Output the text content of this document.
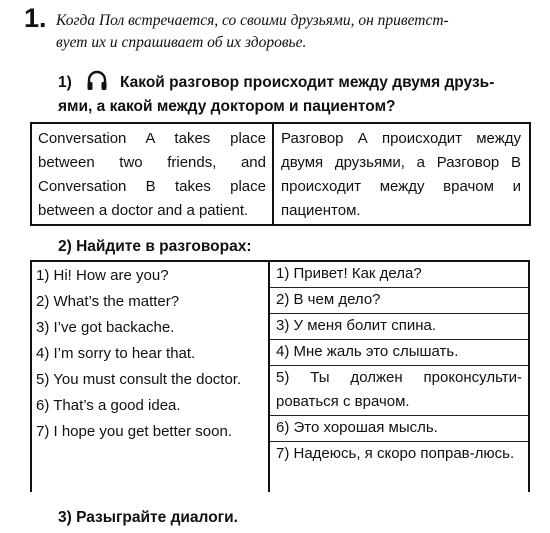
1. Когда Пол встречается, со своими друзьями, он приветст-
вует их и спрашивает об их здоровье.
1)	Какой разговор происходит между двумя друзь-
ями, а какой между доктором и пациентом?
Conversation A takes place between two friends, and Conversation B takes place between a doctor and a patient.
Разговор А происходит между двумя друзьями, а Разговор В происходит между врачом и пациентом.
2) Найдите в разговорах:
1) Hi! How are you?
2) What’s the matter?
3) I’ve got backache.
4) I’m sorry to hear that.
5) You must consult the doctor.
6) That’s a good idea.
7) I hope you get better soon.
1) Привет! Как дела?
2) В чем дело?
3) У меня болит спина.
4) Мне жаль это слышать.
5) Ты должен проконсульти-роваться с врачом.
6) Это хорошая мысль.
7) Надеюсь, я скоро поправ-люсь.
3) Разыграйте диалоги.
